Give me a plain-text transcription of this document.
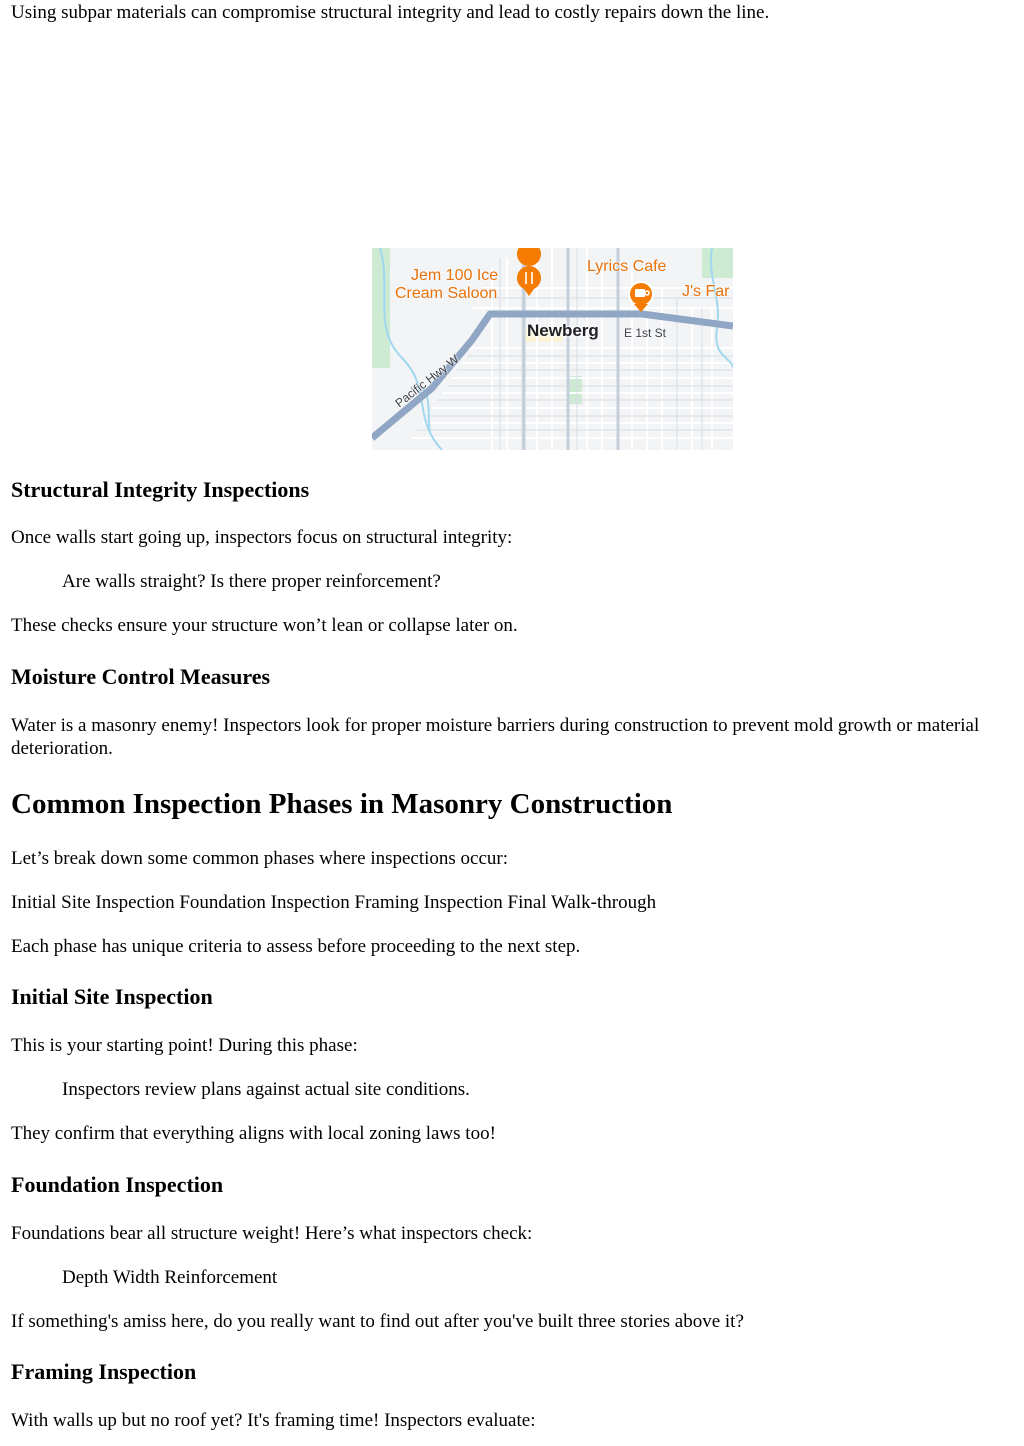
Using subpar materials can compromise structural integrity and lead to costly repairs down the line.

Jem 100 Ice
Cream Saloon
Lyrics Cafe
J's Far
Newberg E 1st St
Pacific Hwy W
Structural Integrity Inspections

Once walls start going up, inspectors focus on structural integrity:

Are walls straight? Is there proper reinforcement?

These checks ensure your structure won’t lean or collapse later on.

Moisture Control Measures

Water is a masonry enemy! Inspectors look for proper moisture barriers during construction to prevent mold growth or material deterioration.

Common Inspection Phases in Masonry Construction

Let’s break down some common phases where inspections occur:

Initial Site Inspection Foundation Inspection Framing Inspection Final Walk-through

Each phase has unique criteria to assess before proceeding to the next step.

Initial Site Inspection

This is your starting point! During this phase:

Inspectors review plans against actual site conditions.

They confirm that everything aligns with local zoning laws too!

Foundation Inspection

Foundations bear all structure weight! Here’s what inspectors check:

Depth Width Reinforcement

If something's amiss here, do you really want to find out after you've built three stories above it?

Framing Inspection

With walls up but no roof yet? It's framing time! Inspectors evaluate:
